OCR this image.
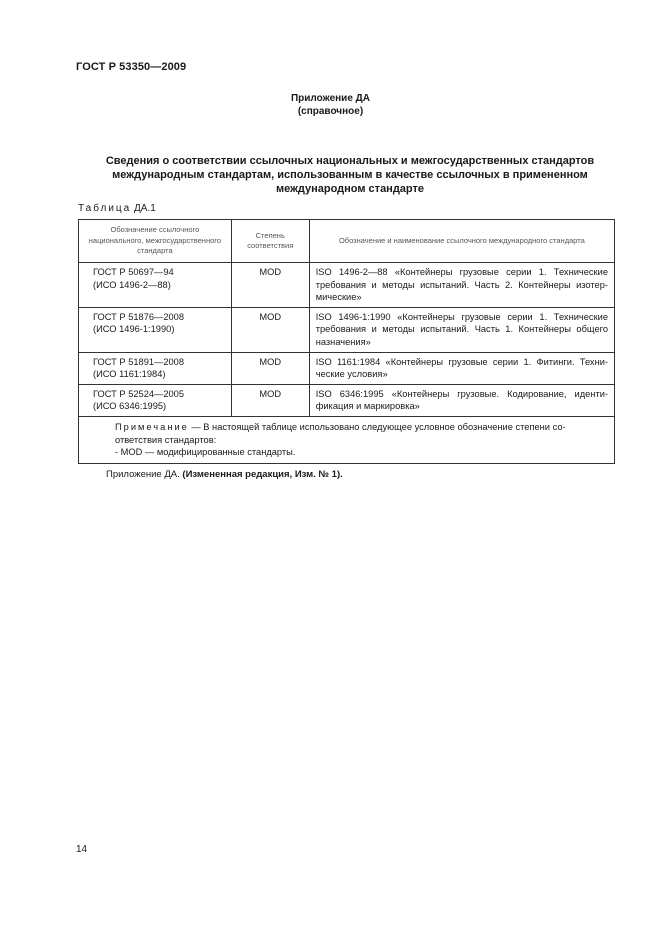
ГОСТ Р 53350—2009
Приложение ДА
(справочное)
Сведения о соответствии ссылочных национальных и межгосударственных стандартов международным стандартам, использованным в качестве ссылочных в примененном международном стандарте
Таблица ДА.1
Обозначение ссылочного национального, межгосударственного стандарта	Степень соответствия	Обозначение и наименование ссылочного международного стандарта

ГОСТ Р 50697—94
(ИСО 1496-2—88)	MOD	ISO 1496-2—88 «Контейнеры грузовые серии 1. Технические требования и методы испытаний. Часть 2. Контейнеры изотер-мические»

ГОСТ Р 51876—2008
(ИСО 1496-1:1990)	MOD	ISO 1496-1:1990 «Контейнеры грузовые серии 1. Технические требования и методы испытаний. Часть 1. Контейнеры общего назначения»

ГОСТ Р 51891—2008
(ИСО 1161:1984)	MOD	ISO 1161:1984 «Контейнеры грузовые серии 1. Фитинги. Техни-ческие условия»

ГОСТ Р 52524—2005
(ИСО 6346:1995)	MOD	ISO 6346:1995 «Контейнеры грузовые. Кодирование, иденти-фикация и маркировка»

Примечание — В настоящей таблице использовано следующее условное обозначение степени со-ответствия стандартов:
- MOD — модифицированные стандарты.		
Приложение ДА. (Измененная редакция, Изм. № 1).
14
